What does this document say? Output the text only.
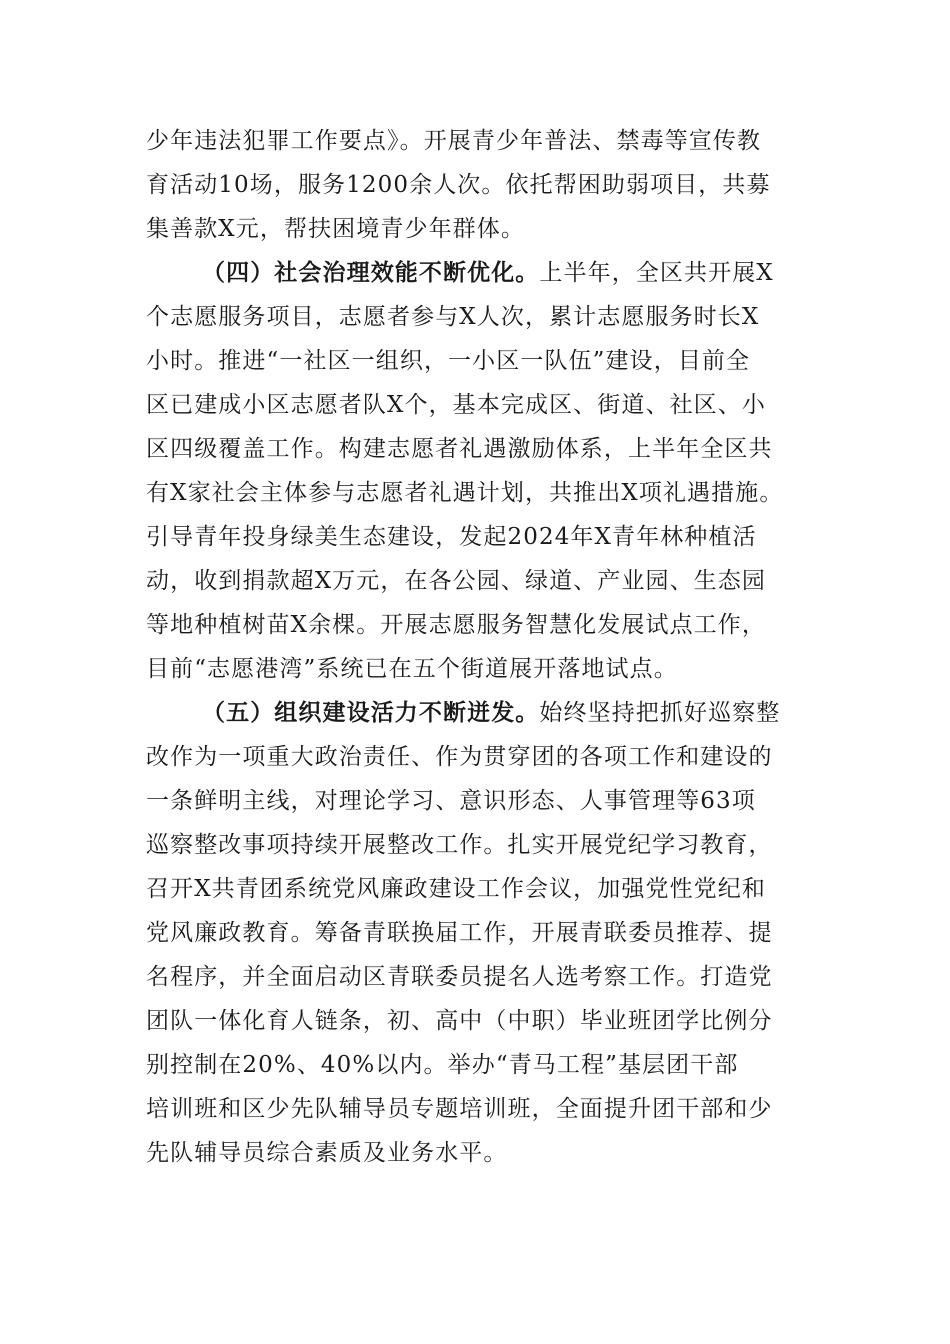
少年违法犯罪工作要点》。开展青少年普法、禁毒等宣传教
育活动10场，服务1200余人次。依托帮困助弱项目，共募
集善款X元，帮扶困境青少年群体。
（四）社会治理效能不断优化。上半年，全区共开展X
个志愿服务项目，志愿者参与X人次，累计志愿服务时长X
小时。推进“一社区一组织，一小区一队伍”建设，目前全
区已建成小区志愿者队X个，基本完成区、街道、社区、小
区四级覆盖工作。构建志愿者礼遇激励体系，上半年全区共
有X家社会主体参与志愿者礼遇计划，共推出X项礼遇措施。
引导青年投身绿美生态建设，发起2024年X青年林种植活
动，收到捐款超X万元，在各公园、绿道、产业园、生态园
等地种植树苗X余棵。开展志愿服务智慧化发展试点工作，
目前“志愿港湾”系统已在五个街道展开落地试点。
（五）组织建设活力不断迸发。始终坚持把抓好巡察整
改作为一项重大政治责任、作为贯穿团的各项工作和建设的
一条鲜明主线，对理论学习、意识形态、人事管理等63项
巡察整改事项持续开展整改工作。扎实开展党纪学习教育，
召开X共青团系统党风廉政建设工作会议，加强党性党纪和
党风廉政教育。筹备青联换届工作，开展青联委员推荐、提
名程序，并全面启动区青联委员提名人选考察工作。打造党
团队一体化育人链条，初、高中（中职）毕业班团学比例分
别控制在20%、40%以内。举办“青马工程”基层团干部
培训班和区少先队辅导员专题培训班，全面提升团干部和少
先队辅导员综合素质及业务水平。
